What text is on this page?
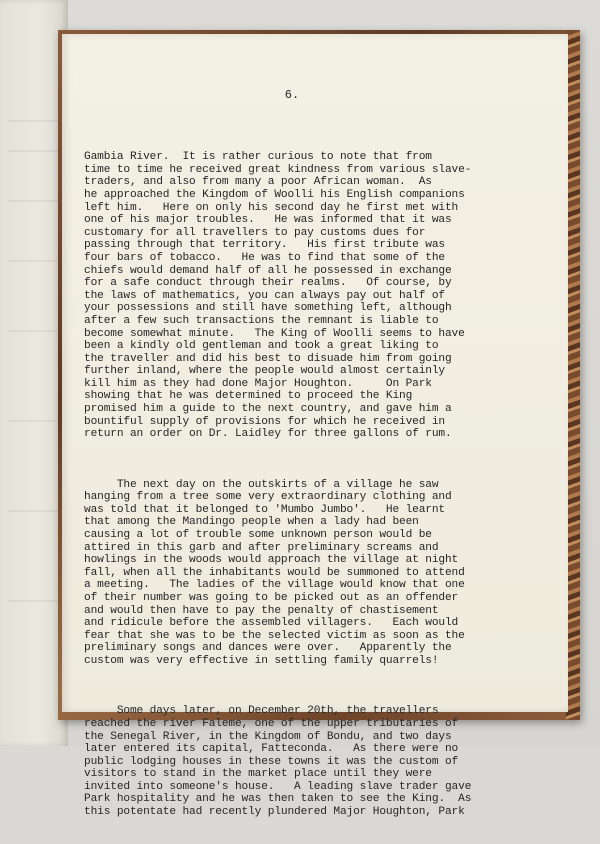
6.

Gambia River.  It is rather curious to note that from
time to time he received great kindness from various slave-
traders, and also from many a poor African woman.  As
he approached the Kingdom of Woolli his English companions
left him.   Here on only his second day he first met with
one of his major troubles.   He was informed that it was
customary for all travellers to pay customs dues for
passing through that territory.   His first tribute was
four bars of tobacco.   He was to find that some of the
chiefs would demand half of all he possessed in exchange
for a safe conduct through their realms.   Of course, by
the laws of mathematics, you can always pay out half of
your possessions and still have something left, although
after a few such transactions the remnant is liable to
become somewhat minute.   The King of Woolli seems to have
been a kindly old gentleman and took a great liking to
the traveller and did his best to disuade him from going
further inland, where the people would almost certainly
kill him as they had done Major Houghton.     On Park
showing that he was determined to proceed the King
promised him a guide to the next country, and gave him a
bountiful supply of provisions for which he received in
return an order on Dr. Laidley for three gallons of rum.

The next day on the outskirts of a village he saw
hanging from a tree some very extraordinary clothing and
was told that it belonged to 'Mumbo Jumbo'.   He learnt
that among the Mandingo people when a lady had been
causing a lot of trouble some unknown person would be
attired in this garb and after preliminary screams and
howlings in the woods would approach the village at night
fall, when all the inhabitants would be summoned to attend
a meeting.   The ladies of the village would know that one
of their number was going to be picked out as an offender
and would then have to pay the penalty of chastisement
and ridicule before the assembled villagers.   Each would
fear that she was to be the selected victim as soon as the
preliminary songs and dances were over.   Apparently the
custom was very effective in settling family quarrels!

Some days later, on December 20th, the travellers
reached the river Faleme, one of the upper tributaries of
the Senegal River, in the Kingdom of Bondu, and two days
later entered its capital, Fatteconda.   As there were no
public lodging houses in these towns it was the custom of
visitors to stand in the market place until they were
invited into someone's house.   A leading slave trader gave
Park hospitality and he was then taken to see the King.  As
this potentate had recently plundered Major Houghton, Park
